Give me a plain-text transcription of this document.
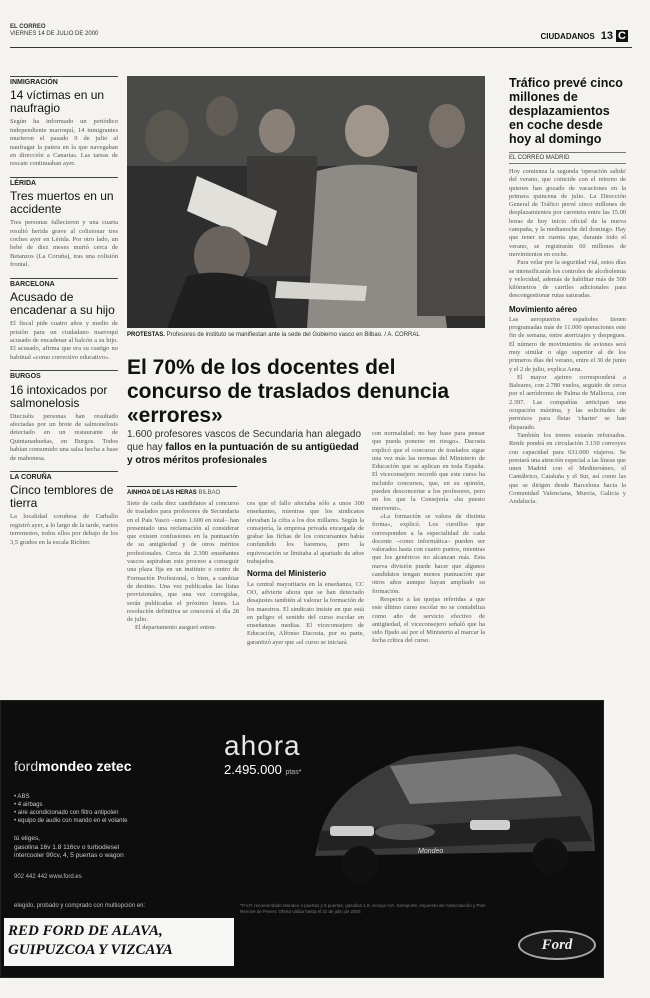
EL CORREO
VIERNES 14 DE JULIO DE 2000	CIUDADANOS 13 C
INMIGRACIÓN
14 víctimas en un naufragio
Según ha informado un periódico independiente marroquí, 14 inmigrantes murieron el pasado 9 de julio al naufragar la patera en la que navegaban en dirección a Canarias. Las tareas de rescate continuaban ayer.
LÉRIDA
Tres muertos en un accidente
Tres personas fallecieron y una cuarta resultó herida grave al colisionar tres coches ayer en Lérida. Por otro lado, un bebé de diez meses murió cerca de Betanzos (La Coruña), tras una colisión frontal.
BARCELONA
Acusado de encadenar a su hijo
El fiscal pide cuatro años y medio de prisión para un ciudadano marroquí acusado de encadenar al balcón a su hijo. El acusado, afirma que era su castigo no habitual «como correctivo educativo».
BURGOS
16 intoxicados por salmonelosis
Dieciséis personas han resultado afectadas por un brote de salmonelosis detectado en un restaurante de Quintanadueñas, en Burgos. Todos habían consumido una salsa hecha a base de mahonesa.
LA CORUÑA
Cinco temblores de tierra
La localidad coruñesa de Carballo registró ayer, a lo largo de la tarde, varios terremotos, todos ellos por debajo de los 3,5 grados en la escala Richter.
PROTESTAS. Profesores de instituto se manifiestan ante la sede del Gobierno vasco en Bilbao. / A. CORRAL
El 70% de los docentes del concurso de traslados denuncia «errores»
1.600 profesores vascos de Secundaria han alegado que hay fallos en la puntuación de su antigüedad y otros méritos profesionales
AINHOA DE LAS HERAS BILBAO
Siete de cada diez candidatos al concurso de traslados para profesores de Secundaria en el País Vasco –unos 1.600 en total– han presentado una reclamación al considerar que existen confusiones en la puntuación de su antigüedad y de otros méritos profesionales. Cerca de 2.300 enseñantes vascos aspiraban este proceso a conseguir una plaza fija en un instituto o centro de Formación Profesional, o bien, a cambiar de destino. Una vez publicadas las listas provisionales, que una vez corregidas, serán publicadas el próximo lunes. La resolución definitiva se conocerá el día 28 de julio.
El departamento aseguró enton-
ces que el fallo afectaba sólo a unos 300 enseñantes, mientras que los sindicatos elevaban la cifra a los dos millares. Según la consejería, la empresa privada encargada de grabar las fichas de los concursantes había confundido los baremos, pero la equivocación se limitaba al apartado de años trabajados.
Norma del Ministerio
La central mayoritaria en la enseñanza, CC OO, advierte ahora que se han detectado desajustes también al valorar la formación de los maestros. El sindicato insiste en que está en peligro el sentido del curso escolar en enseñanzas medias. El viceconsejero de Educación, Alfonso Dacosta, por su parte, garantizó ayer que «el curso se iniciará
con normalidad; no hay base para pensar que pueda ponerse en riesgo». Dacosta explicó que el concurso de traslados sigue una vez más las normas del Ministerio de Educación que se aplican en toda España. El viceconsejero recordó que este curso ha incluido concursos, que, en su opinión, pueden desconcertar a los profesores, pero en los que la Consejería «ha puesto intervenir».
«La formación se valora de distinta forma», explicó. Los cursillos que corresponden a la especialidad de cada docente –como informática– pueden ser valorados hasta con cuatro puntos, mientras que los genéricos no alcanzan más. Esta nueva división puede hacer que algunos candidatos tengan menos puntuación que otros años aunque hayan ampliado su formación.
Respecto a las quejas referidas a que este último curso escolar no se contabiliza como año de servicio efectivo de antigüedad, el viceconsejero señaló que ha sido fijado así por el Ministerio al marcar la fecha crítica del curso.
Tráfico prevé cinco millones de desplazamientos en coche desde hoy al domingo
EL CORREO MADRID
Hoy comienza la segunda 'operación salida' del verano, que coincide con el retorno de quienes han gozado de vacaciones en la primera quincena de julio. La Dirección General de Tráfico prevé cinco millones de desplazamientos por carretera entre las 15.00 horas de hoy inicio oficial de la nueva campaña, y la medianoche del domingo. Hay que tener en cuenta que, durante todo el verano, se registrarán 60 millones de movimientos en coche.
Para velar por la seguridad vial, estos días se intensificarán los controles de alcoholemia y velocidad, además de habilitar más de 500 kilómetros de carriles adicionales para descongestionar rutas saturadas.
Movimiento aéreo
Las aeropuertos españoles tienen programadas más de 11.000 operaciones este fin de semana, entre aterrizajes y despegues. El número de movimientos de aviones será muy similar o algo superior al de los primeros días del verano, entre el 30 de junio y el 2 de julio, explica Aena.
El mayor ajetreo corresponderá a Baleares, con 2.780 vuelos, seguido de cerca por el aeródromo de Palma de Mallorca, con 2.397. Las compañías anticipan una ocupación máxima, y las solicitudes de permisos para fletar 'charter' se han disparado.
También los trenes estarán reforzados. Renfe pondrá en circulación 3.150 convoyes con capacidad para 631.000 viajeros. Se prestará una atención especial a las líneas que unen Madrid con el Mediterráneo, el Cantábrico, Cataluña y el Sur, así como las que se dirigen desde Barcelona hacia la Comunidad Valenciana, Murcia, Galicia y Andalucía.
fordmondeo zetec
ahora
2.495.000 ptas*
• ABS
• 4 airbags
• aire acondicionado con filtro antipolen
• equipo de audio con mando en el volante
tú eliges,
gasolina 16v 1.8 116cv o turbodiesel
intercooler 90cv, 4, 5 puertas o wagon
902 442 442 www.ford.es
Mondeo
elegido, probado y comprado con multiopción en:	*P.V.P. recomendado Mondeo 4 puertas y 5 puertas, gasolina 1.8, incluye IVA, transporte, impuesto de matriculación y Plan Renove de Prever. Oferta válida hasta el 31 de julio de 2000.
RED FORD DE ALAVA,
GUIPUZCOA Y VIZCAYA	Ford
